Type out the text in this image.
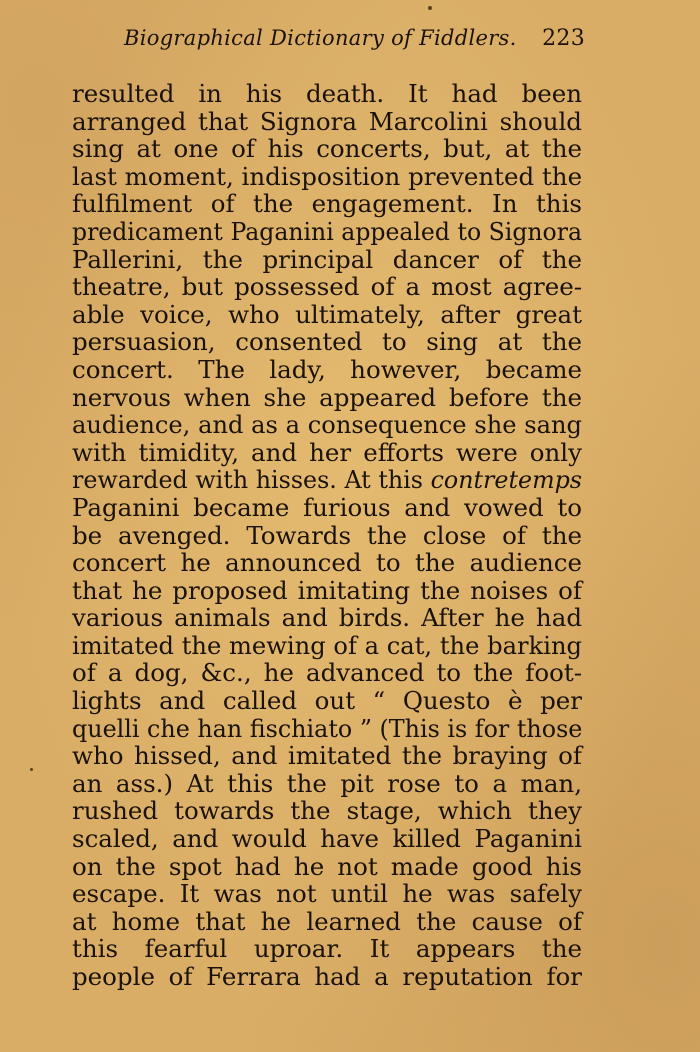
Biographical Dictionary of Fiddlers. 223
resulted in his death. It had been
arranged that Signora Marcolini should
sing at one of his concerts, but, at the
last moment, indisposition prevented the
fulfilment of the engagement. In this
predicament Paganini appealed to Signora
Pallerini, the principal dancer of the
theatre, but possessed of a most agree-
able voice, who ultimately, after great
persuasion, consented to sing at the
concert. The lady, however, became
nervous when she appeared before the
audience, and as a consequence she sang
with timidity, and her efforts were only
rewarded with hisses. At this contretemps
Paganini became furious and vowed to
be avenged. Towards the close of the
concert he announced to the audience
that he proposed imitating the noises of
various animals and birds. After he had
imitated the mewing of a cat, the barking
of a dog, &c., he advanced to the foot-
lights and called out “ Questo è per
quelli che han fischiato ” (This is for those
who hissed, and imitated the braying of
an ass.) At this the pit rose to a man,
rushed towards the stage, which they
scaled, and would have killed Paganini
on the spot had he not made good his
escape. It was not until he was safely
at home that he learned the cause of
this fearful uproar. It appears the
people of Ferrara had a reputation for
